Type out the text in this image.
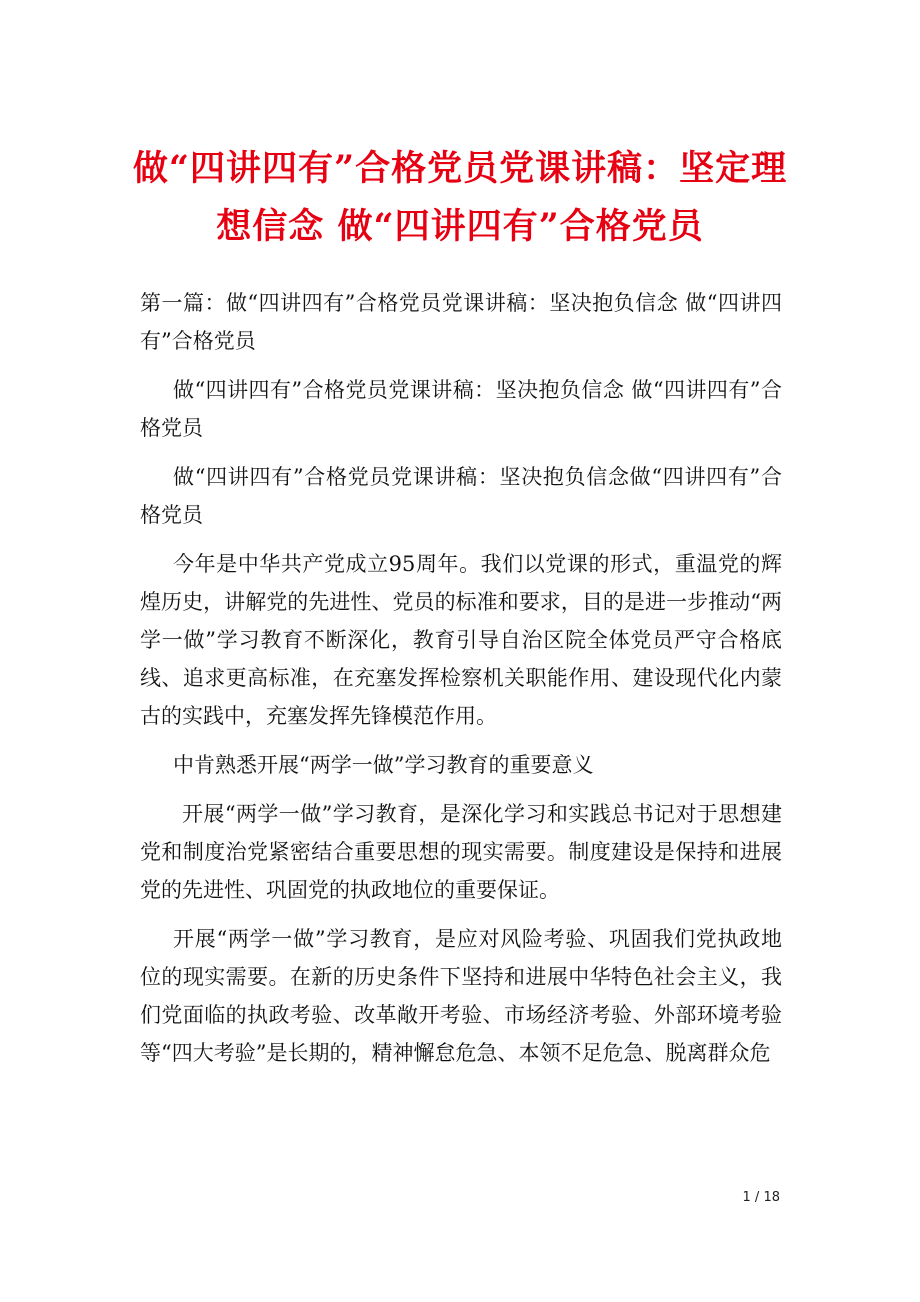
做“四讲四有”合格党员党课讲稿：坚定理想信念 做“四讲四有”合格党员

第一篇：做“四讲四有”合格党员党课讲稿：坚决抱负信念 做“四讲四有”合格党员

做“四讲四有”合格党员党课讲稿：坚决抱负信念 做“四讲四有”合格党员

做“四讲四有”合格党员党课讲稿：坚决抱负信念做“四讲四有”合格党员

今年是中华共产党成立95周年。我们以党课的形式，重温党的辉煌历史，讲解党的先进性、党员的标准和要求，目的是进一步推动“两学一做”学习教育不断深化，教育引导自治区院全体党员严守合格底线、追求更高标准，在充塞发挥检察机关职能作用、建设现代化内蒙古的实践中，充塞发挥先锋模范作用。

中肯熟悉开展“两学一做”学习教育的重要意义

开展“两学一做”学习教育，是深化学习和实践总书记对于思想建党和制度治党紧密结合重要思想的现实需要。制度建设是保持和进展党的先进性、巩固党的执政地位的重要保证。

开展“两学一做”学习教育，是应对风险考验、巩固我们党执政地位的现实需要。在新的历史条件下坚持和进展中华特色社会主义，我们党面临的执政考验、改革敞开考验、市场经济考验、外部环境考验等“四大考验”是长期的，精神懈怠危急、本领不足危急、脱离群众危

1 / 18
